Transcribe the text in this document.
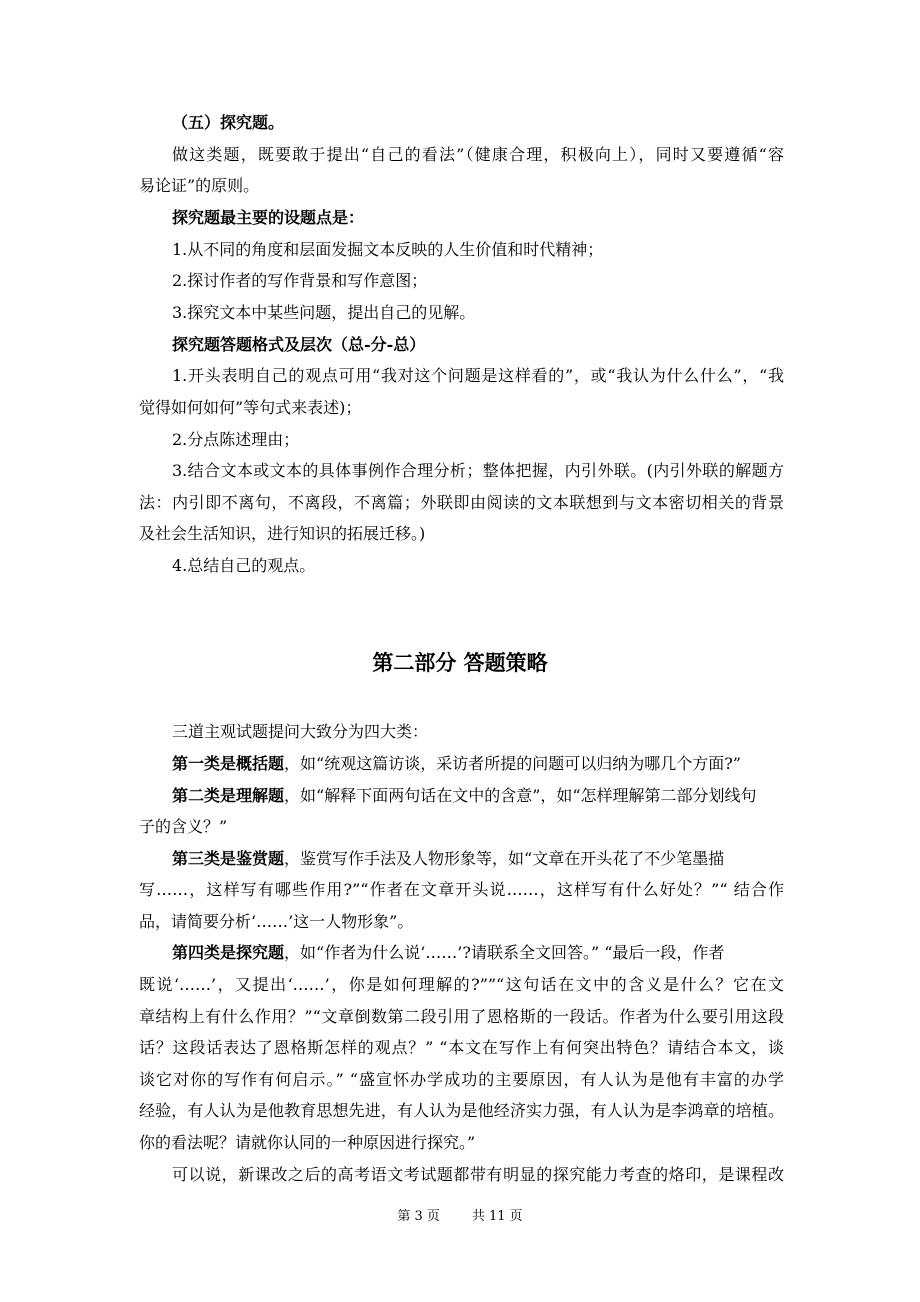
（五）探究题。
做这类题，既要敢于提出“自己的看法”（健康合理，积极向上），同时又要遵循“容
易论证”的原则。
探究题最主要的设题点是：
1.从不同的角度和层面发掘文本反映的人生价值和时代精神；
2.探讨作者的写作背景和写作意图；
3.探究文本中某些问题，提出自己的见解。
探究题答题格式及层次（总-分-总）
1.开头表明自己的观点可用“我对这个问题是这样看的”，或“我认为什么什么”，“我
觉得如何如何”等句式来表述)；
2.分点陈述理由；
3.结合文本或文本的具体事例作合理分析；整体把握，内引外联。(内引外联的解题方
法：内引即不离句，不离段，不离篇；外联即由阅读的文本联想到与文本密切相关的背景
及社会生活知识，进行知识的拓展迁移。)
4.总结自己的观点。
第二部分 答题策略
三道主观试题提问大致分为四大类：
第一类是概括题，如“统观这篇访谈，采访者所提的问题可以归纳为哪几个方面?”
第二类是理解题，如“解释下面两句话在文中的含意”，如“怎样理解第二部分划线句
子的含义？”
第三类是鉴赏题，鉴赏写作手法及人物形象等，如“文章在开头花了不少笔墨描
写……，这样写有哪些作用?”“作者在文章开头说……，这样写有什么好处？”“ 结合作
品，请简要分析‘……’这一人物形象”。
第四类是探究题，如“作者为什么说‘……’?请联系全文回答。” “最后一段，作者
既说‘……’，又提出‘……’，你是如何理解的?””“这句话在文中的含义是什么？它在文
章结构上有什么作用？”“文章倒数第二段引用了恩格斯的一段话。作者为什么要引用这段
话？这段话表达了恩格斯怎样的观点？” “本文在写作上有何突出特色？请结合本文，谈
谈它对你的写作有何启示。” “盛宣怀办学成功的主要原因，有人认为是他有丰富的办学
经验，有人认为是他教育思想先进，有人认为是他经济实力强，有人认为是李鸿章的培植。
你的看法呢？请就你认同的一种原因进行探究。”
可以说，新课改之后的高考语文考试题都带有明显的探究能力考查的烙印，是课程改
第 3 页 共 11 页
